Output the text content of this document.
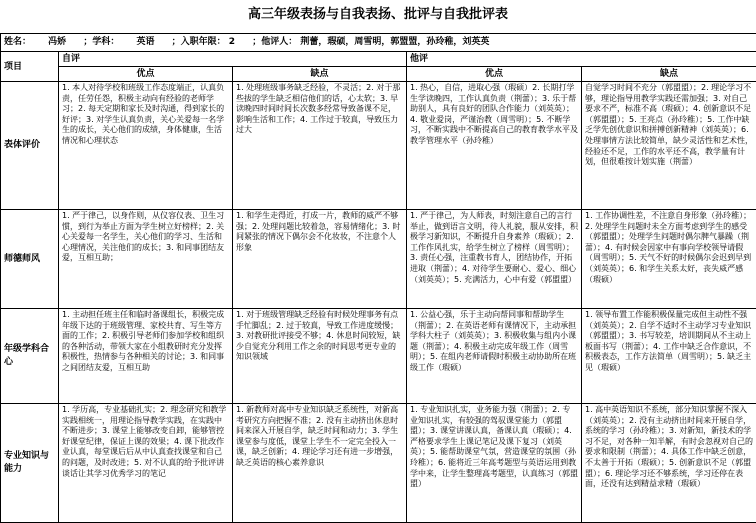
高三年级表扬与自我表扬、批评与自我批评表
姓名： 冯娇 ；学科： 英语 ；入职年限： 2 ；他评人： 荆蕾，瑕硕，周雪明，郭盟盟，孙玲稚，刘英英				
项目	自评		他评	
	优点	缺点	优点	缺点
表体评价	1. 本人对待学校和班级工作态度端正，认真负责，任劳任怨，积极主动向有经验的老师学习；2. 每天定期和家长及时沟通，得到家长的好评；3. 对学生认真负责，关心关爱每一名学生的成长，关心他们的成绩，身体健康，生活情况和心理状态	1. 处理班级事务缺乏经验，不灵活；2. 对于那些拔的学生缺乏相信他们的话，心太软；3. 早读晚四时间时间长次数多经常导致备课不足，影响生活和工作；4. 工作过于较真，导致压力过大	1. 热心，自信，进取心强（瑕硕）2. 长期打学生学读晚四，工作认真负责（荆蕾）；3. 乐于帮助别人，具有良好的团队合作能力（刘英英）；4. 敬业爱岗，严谨治教（周雪明）；5. 不断学习，不断实践中不断提高自己的教育教学水平及教学管理水平（孙玲稚）	自觉学习时间不充分（郭盟盟）；2. 理论学习不够，理论指导用教学实践还需加强；3. 对自己要求不严，标准不高（瑕硕）；4. 创新意识不足（郭盟盟）；5. 王亮点（孙玲稚）；5. 工作中缺乏学先创优意识和拼搏创新精神（刘英英）；6. 处理事情方法比较简单，缺少灵活性和艺术性，经验还不足，工作的水平还不高，教学量有计划，但很难按计划实施（荆蕾）
师德师风	1. 严于律己，以身作则，从仪容仪表、卫生习惯，到行为举止方面为学生树立好榜样；2. 关心关爱每一名学生，关心他们的学习、生活和心理情况，关注他们的成长；3. 和同事团结友爱，互相互助；	1. 和学生走得近，打成一片，教师的威严不够强；2. 处理问题比较着急，容易情绪化；3. 时间紧张的情况下偶尔会不化妆妆，不注意个人形象	1. 严于律己，为人师表，时刻注意自己的言行举止，做到语言文明，待人礼貌，服从安排，积极学习新知识，不断提升自身素养（瑕硕）；2. 工作作风扎实，给学生树立了榜样（周雪明）；3. 责任心强，注重教书育人，团结协作，开拓进取（荆蕾）；4. 对待学生要耐心、爱心、细心（刘英英）；5. 充满活力，心中有爱（郭盟盟）	1. 工作协调性差，不注意自身形象（孙玲稚）；2. 处理学生问题时未全方面考虑到学生的感受（郭盟盟）；处理学生问题时偶尔脾气暴躁（荆蕾）；4. 有时候会因家中有事向学校领导请假（周雪明）；5. 天气不好的时候偶尔会迟到早到（刘英英）；6. 和学生关系太好，丧失威严感（瑕硕）
年级学科合心	1. 主动担任班主任和临时备课组长，积极完成年级下达的于班级管理、家校共育、写生等方面的工作；2. 积极引导老师们参加学校和组织的各种活动，带领大家在小组教研时充分发挥积极性，热情参与各种相关的讨论；3. 和同事之间团结友爱，互相互助	1. 对于班级管理缺乏经验有时候处理事务有点手忙脚乱；2. 过于较真，导致工作进度缓慢；3. 对教研批评接受不够；4. 休息时间较短，缺少自觉充分利用工作之余的时间思考更专业的知识领域	1. 公益心强，乐于主动向帮同事和帮助学生（荆蕾）；2. 在英语老师有课情况下，主动承担学科大柱子（刘英英）；3. 积极收集与组内小课题（荆蕾）；4. 积极主动完成年级工作（周雪明）；5. 在组内老师请假时积极主动协助所在班级工作（瑕硕）	1. 领导布置工作能积极保量完成但主动性不强（刘英英）；2. 自学不适时不主动学习专业知识（郭盟盟）；3. 书写较差，培训期间从不主动上板面书写（荆蕾）；4. 工作中缺乏合作意识，不积极表态，工作方法简单（周雪明）；5. 缺乏主见（瑕硕）
专业知识与能力	1. 学历高，专业基础扎实；2. 理念研究和教学实践相统一，用理论指导教学实践，在实践中不断进步；3. 课堂上能够改变自卸，能够管控好课堂纪律，保证上课的效果；4. 课下批改作业认真，每堂课后后从中认真查找课堂和自己的问题，及时改进；5. 对不认真的给予批评讲谈话让其学习优秀学习的笔记	1. 新教师对高中专业知识缺乏系统性，对新高考研究方向把握不准；2. 没有主动挤出休息时间来深入开展自学，缺乏时间和动力；3. 学生课堂参与度低，课堂上学生不一定完全投入一课，缺乏创新；4. 理论学习还有进一步增强，缺乏英语的核心素养意识	1. 专业知识扎实，业务能力强（荆蕾）；2. 专业知识扎实，有较强的驾驭课堂能力（郭盟盟）；3. 课堂讲课认真，备课认真（瑕硕）；4. 严格要求学生上课记笔记及课下复习（刘英英）；5. 能帮助课堂气氛，营造课堂的氛围（孙玲稚）；6. 能将近三年高考题型与英语运用到教学中来，让学生整理高考题型，认真练习（郭盟盟）	1. 高中英语知识不系统，部分知识掌握不深入（刘英英）；2. 没有主动挤出时间来开展自学，系统的学习（孙玲稚）；3. 对新知，新技术的学习不足，对各种一知半解，有时会忽视对自己的要求和限制（荆蕾）；4. 具体工作中缺乏创意，不太善于开拓（瑕硕）；5. 创新意识不足（郭盟盟）；6. 理论学习还不够系统，学习还停在表面，还没有达到精益求精（瑕硕）
